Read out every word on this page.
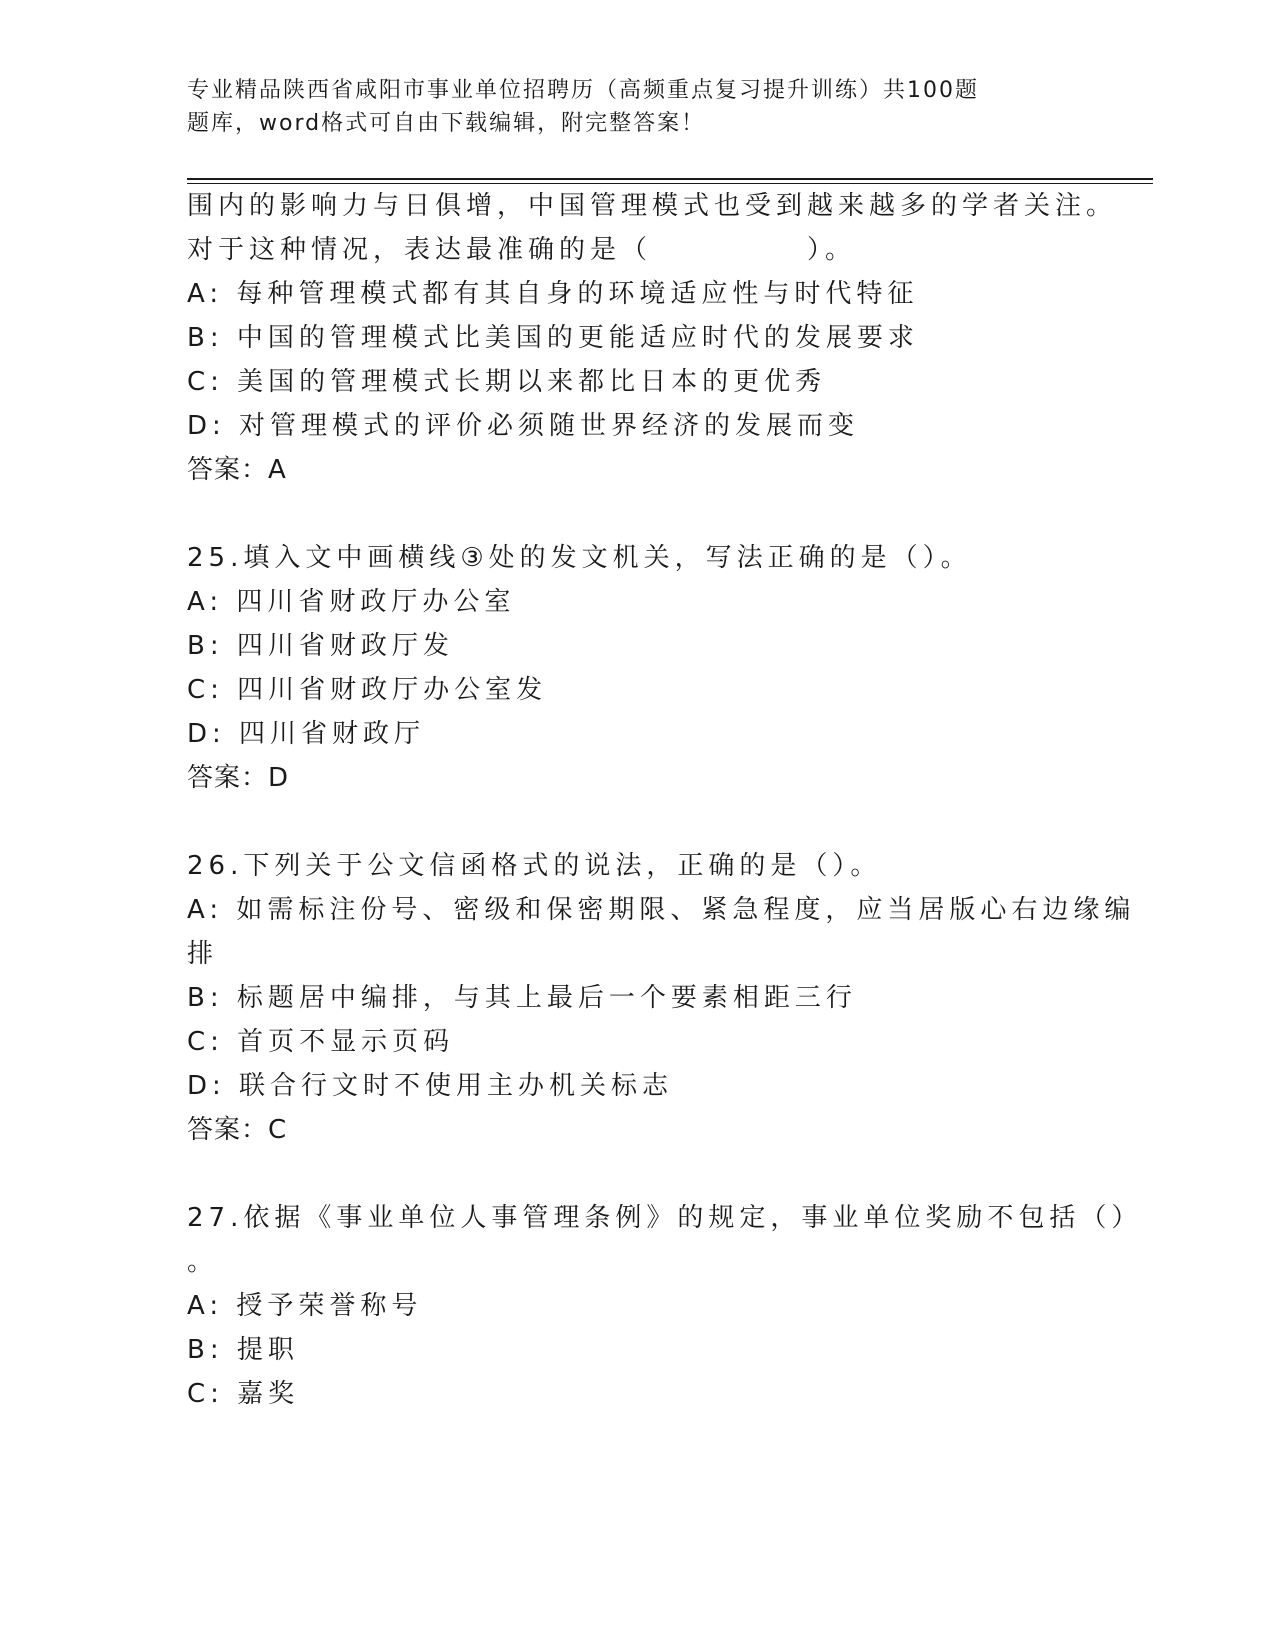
专业精品陕西省咸阳市事业单位招聘历（高频重点复习提升训练）共100题
题库，word格式可自由下载编辑，附完整答案！
围内的影响力与日俱增，中国管理模式也受到越来越多的学者关注。
对于这种情况，表达最准确的是（　　　　　）。
A: 每种管理模式都有其自身的环境适应性与时代特征
B: 中国的管理模式比美国的更能适应时代的发展要求
C: 美国的管理模式长期以来都比日本的更优秀
D: 对管理模式的评价必须随世界经济的发展而变
答案：A
25.填入文中画横线③处的发文机关，写法正确的是（）。
A: 四川省财政厅办公室
B: 四川省财政厅发
C: 四川省财政厅办公室发
D: 四川省财政厅
答案：D
26.下列关于公文信函格式的说法，正确的是（）。
A: 如需标注份号、密级和保密期限、紧急程度，应当居版心右边缘编
排
B: 标题居中编排，与其上最后一个要素相距三行
C: 首页不显示页码
D: 联合行文时不使用主办机关标志
答案：C
27.依据《事业单位人事管理条例》的规定，事业单位奖励不包括（）
。
A: 授予荣誉称号
B: 提职
C: 嘉奖
